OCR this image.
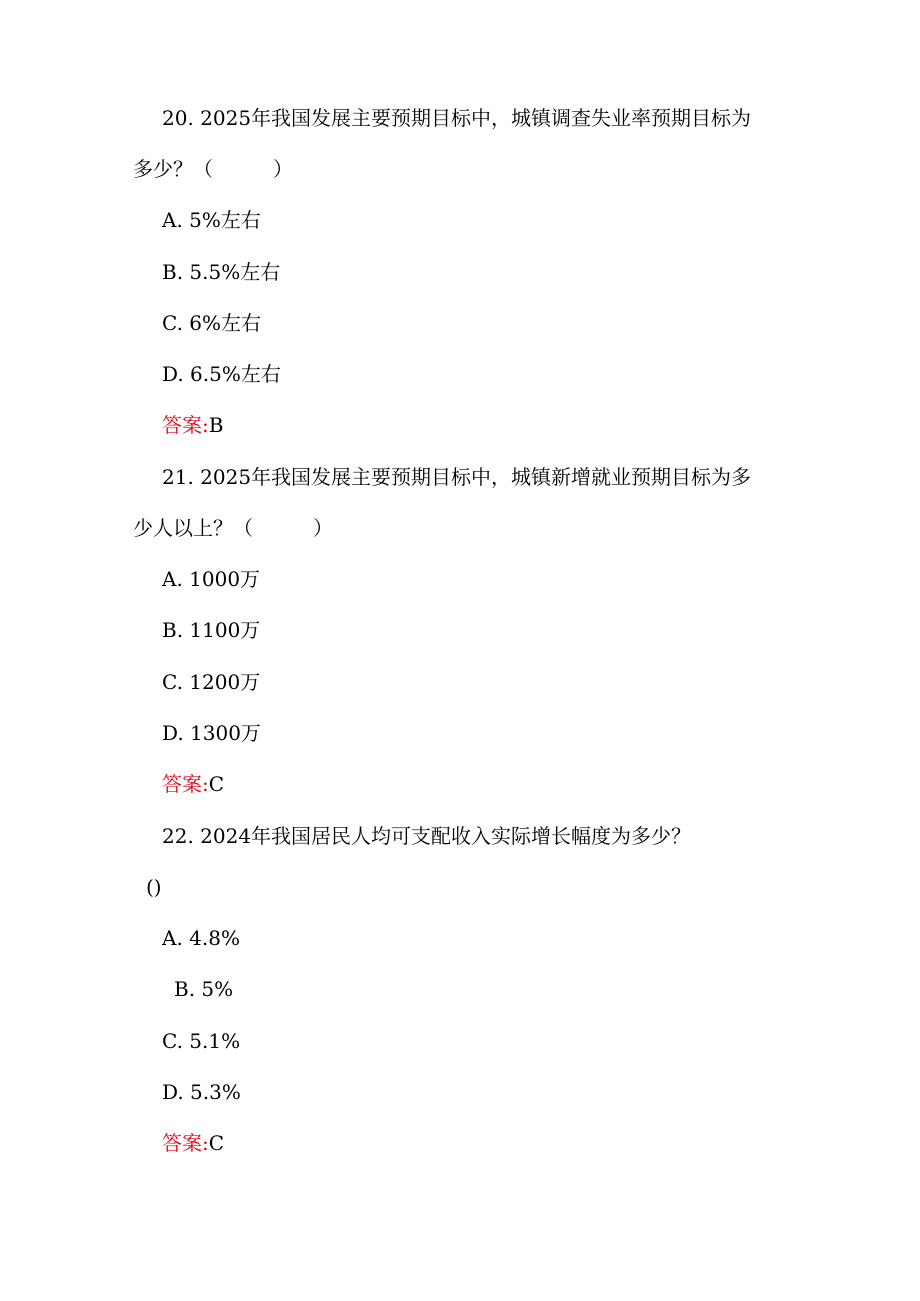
20. 2025年我国发展主要预期目标中，城镇调查失业率预期目标为
多少？（　　　）
A. 5%左右
B. 5.5%左右
C. 6%左右
D. 6.5%左右
答案:B
21. 2025年我国发展主要预期目标中，城镇新增就业预期目标为多
少人以上？（　　　）
A. 1000万
B. 1100万
C. 1200万
D. 1300万
答案:C
22. 2024年我国居民人均可支配收入实际增长幅度为多少？
()
A. 4.8%
B. 5%
C. 5.1%
D. 5.3%
答案:C
